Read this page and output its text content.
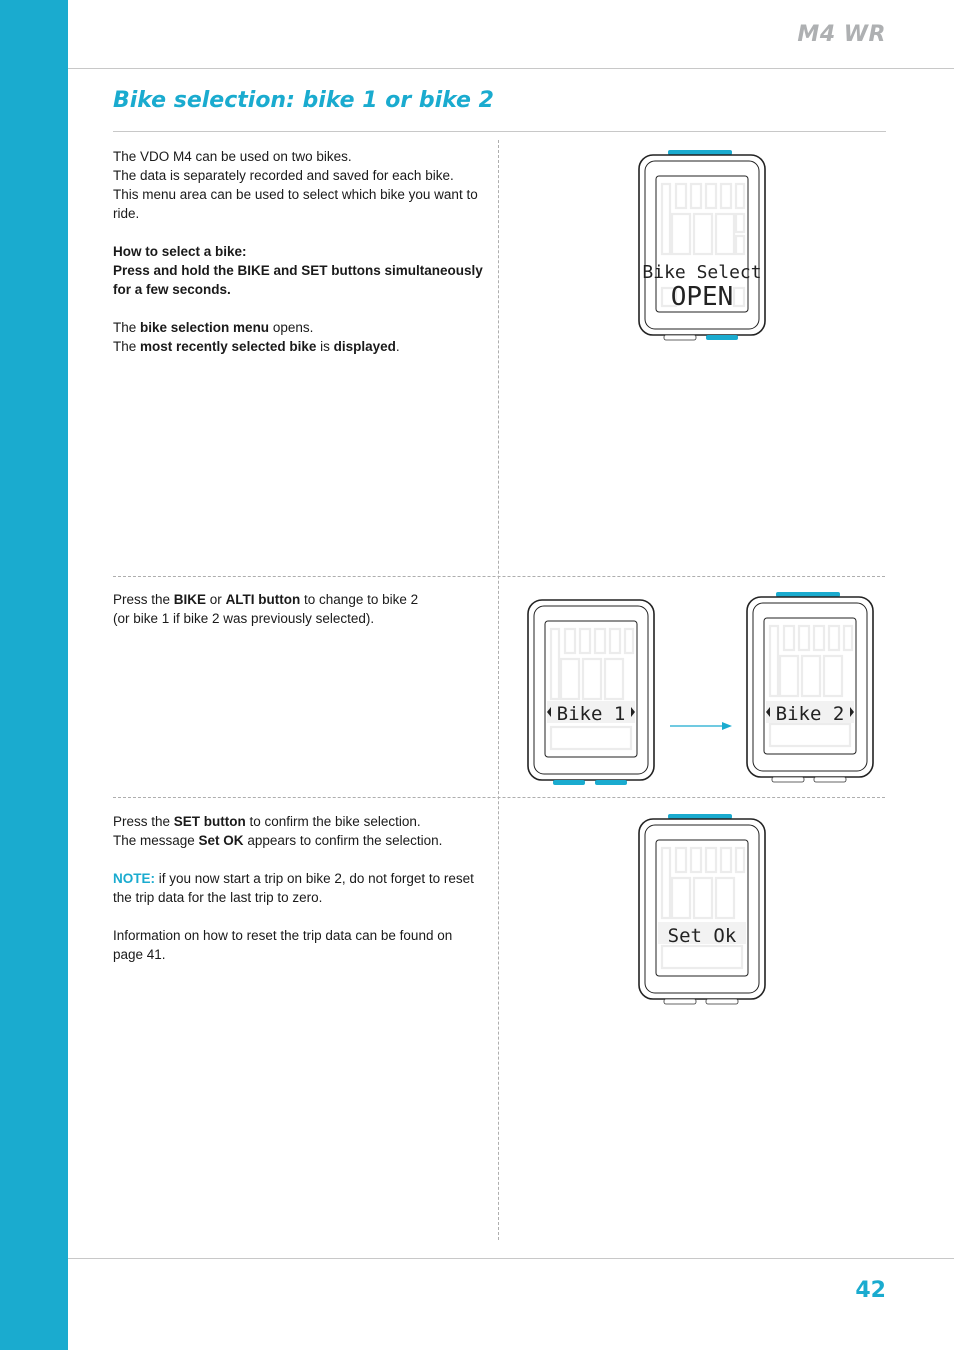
M4 WR
Bike selection: bike 1 or bike 2

The VDO M4 can be used on two bikes.

The data is separately recorded and saved for each bike.

This menu area can be used to select which bike you want to ride.

How to select a bike:

Press and hold the BIKE and SET buttons simultaneously for a few seconds.

The bike selection menu opens.

The most recently selected bike is displayed.

Press the BIKE or ALTI button to change to bike 2

(or bike 1 if bike 2 was previously selected).

Press the SET button to confirm the bike selection.

The message Set OK appears to confirm the selection.

NOTE: if you now start a trip on bike 2, do not forget to reset the trip data for the last trip to zero.

Information on how to reset the trip data can be found on page 41.

Bike Select
OPEN
Bike 1	Bike 2
Set Ok
42
